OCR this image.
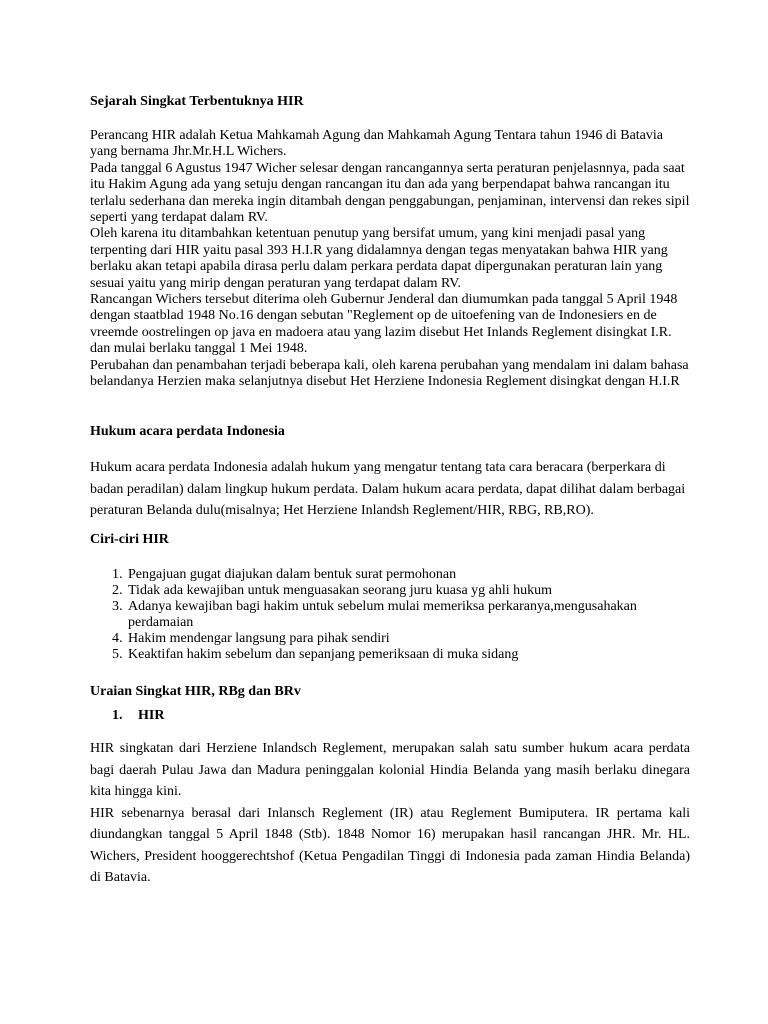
Sejarah Singkat Terbentuknya HIR

Perancang HIR adalah Ketua Mahkamah Agung dan Mahkamah Agung Tentara tahun 1946 di Batavia yang bernama Jhr.Mr.H.L Wichers.

Pada tanggal 6 Agustus 1947 Wicher selesar dengan rancangannya serta peraturan penjelasnnya, pada saat itu Hakim Agung ada yang setuju dengan rancangan itu dan ada yang berpendapat bahwa rancangan itu terlalu sederhana dan mereka ingin ditambah dengan penggabungan, penjaminan, intervensi dan rekes sipil seperti yang terdapat dalam RV.

Oleh karena itu ditambahkan ketentuan penutup yang bersifat umum, yang kini menjadi pasal yang terpenting dari HIR yaitu pasal 393 H.I.R yang didalamnya dengan tegas menyatakan bahwa HIR yang berlaku akan tetapi apabila dirasa perlu dalam perkara perdata dapat dipergunakan peraturan lain yang sesuai yaitu yang mirip dengan peraturan yang terdapat dalam RV.

Rancangan Wichers tersebut diterima oleh Gubernur Jenderal dan diumumkan pada tanggal 5 April 1948 dengan staatblad 1948 No.16 dengan sebutan "Reglement op de uitoefening van de Indonesiers en de vreemde oostrelingen op java en madoera atau yang lazim disebut Het Inlands Reglement disingkat I.R. dan mulai berlaku tanggal 1 Mei 1948.

Perubahan dan penambahan terjadi beberapa kali, oleh karena perubahan yang mendalam ini dalam bahasa belandanya Herzien maka selanjutnya disebut Het Herziene Indonesia Reglement disingkat dengan H.I.R

Hukum acara perdata Indonesia

Hukum acara perdata Indonesia adalah hukum yang mengatur tentang tata cara beracara (berperkara di badan peradilan) dalam lingkup hukum perdata. Dalam hukum acara perdata, dapat dilihat dalam berbagai peraturan Belanda dulu(misalnya; Het Herziene Inlandsh Reglement/HIR, RBG, RB,RO).

Ciri-ciri HIR
1. Pengajuan gugat diajukan dalam bentuk surat permohonan
2. Tidak ada kewajiban untuk menguasakan seorang juru kuasa yg ahli hukum
3. Adanya kewajiban bagi hakim untuk sebelum mulai memeriksa perkaranya,mengusahakan perdamaian
4. Hakim mendengar langsung para pihak sendiri
5. Keaktifan hakim sebelum dan sepanjang pemeriksaan di muka sidang
Uraian Singkat HIR, RBg dan BRv
1. HIR

HIR singkatan dari Herziene Inlandsch Reglement, merupakan salah satu sumber hukum acara perdata bagi daerah Pulau Jawa dan Madura peninggalan kolonial Hindia Belanda yang masih berlaku dinegara kita hingga kini.

HIR sebenarnya berasal dari Inlansch Reglement (IR) atau Reglement Bumiputera. IR pertama kali diundangkan tanggal 5 April 1848 (Stb). 1848 Nomor 16) merupakan hasil rancangan JHR. Mr. HL. Wichers, President hooggerechtshof (Ketua Pengadilan Tinggi di Indonesia pada zaman Hindia Belanda) di Batavia.
